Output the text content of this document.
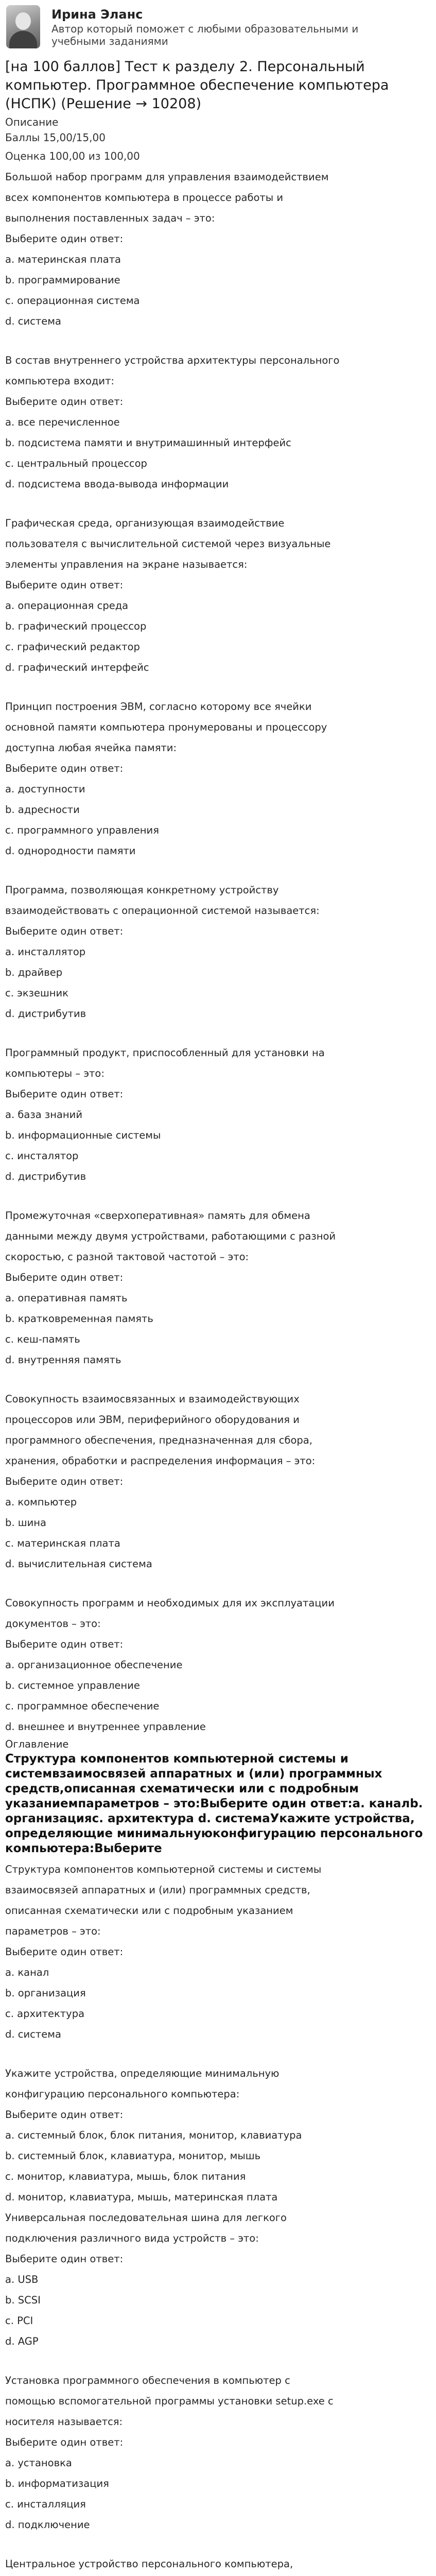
Ирина Эланс
Автор который поможет с любыми образовательными и учебными заданиями
[на 100 баллов] Тест к разделу 2. Персональный компьютер. Программное обеспечение компьютера (НСПК) (Решение → 10208)
Описание
Баллы 15,00/15,00
Оценка 100,00 из 100,00
Большой набор программ для управления взаимодействием
всех компонентов компьютера в процессе работы и
выполнения поставленных задач – это:
Выберите один ответ:
a. материнская плата
b. программирование
c. операционная система
d. система
В состав внутреннего устройства архитектуры персонального
компьютера входит:
Выберите один ответ:
a. все перечисленное
b. подсистема памяти и внутримашинный интерфейс
c. центральный процессор
d. подсистема ввода-вывода информации
Графическая среда, организующая взаимодействие
пользователя с вычислительной системой через визуальные
элементы управления на экране называется:
Выберите один ответ:
a. операционная среда
b. графический процессор
c. графический редактор
d. графический интерфейс
Принцип построения ЭВМ, согласно которому все ячейки
основной памяти компьютера пронумерованы и процессору
доступна любая ячейка памяти:
Выберите один ответ:
a. доступности
b. адресности
c. программного управления
d. однородности памяти
Программа, позволяющая конкретному устройству
взаимодействовать с операционной системой называется:
Выберите один ответ:
a. инсталлятор
b. драйвер
c. экзешник
d. дистрибутив
Программный продукт, приспособленный для установки на
компьютеры – это:
Выберите один ответ:
a. база знаний
b. информационные системы
c. инсталятор
d. дистрибутив
Промежуточная «сверхоперативная» память для обмена
данными между двумя устройствами, работающими с разной
скоростью, с разной тактовой частотой – это:
Выберите один ответ:
a. оперативная память
b. кратковременная память
c. кеш-память
d. внутренняя память
Совокупность взаимосвязанных и взаимодействующих
процессоров или ЭВМ, периферийного оборудования и
программного обеспечения, предназначенная для сбора,
хранения, обработки и распределения информация – это:
Выберите один ответ:
a. компьютер
b. шина
c. материнская плата
d. вычислительная система
Совокупность программ и необходимых для их эксплуатации
документов – это:
Выберите один ответ:
a. организационное обеспечение
b. системное управление
c. программное обеспечение
d. внешнее и внутреннее управление
Оглавление
Структура компонентов компьютерной системы и системвзаимосвязей аппаратных и (или) программных средств,описанная схематически или с подробным указаниемпараметров – это:Выберите один ответ:a. каналb. организацияc. архитектура d. системаУкажите устройства, определяющие минимальнуюконфигурацию персонального компьютера:Выберите
Структура компонентов компьютерной системы и системы
взаимосвязей аппаратных и (или) программных средств,
описанная схематически или с подробным указанием
параметров – это:
Выберите один ответ:
a. канал
b. организация
c. архитектура
d. система
Укажите устройства, определяющие минимальную
конфигурацию персонального компьютера:
Выберите один ответ:
a. системный блок, блок питания, монитор, клавиатура
b. системный блок, клавиатура, монитор, мышь
c. монитор, клавиатура, мышь, блок питания
d. монитор, клавиатура, мышь, материнская плата
Универсальная последовательная шина для легкого
подключения различного вида устройств – это:
Выберите один ответ:
a. USB
b. SCSI
c. PCI
d. AGP
Установка программного обеспечения в компьютер с
помощью вспомогательной программы установки setup.exe с
носителя называется:
Выберите один ответ:
a. установка
b. информатизация
c. инсталляция
d. подключение
Центральное устройство персонального компьютера,
